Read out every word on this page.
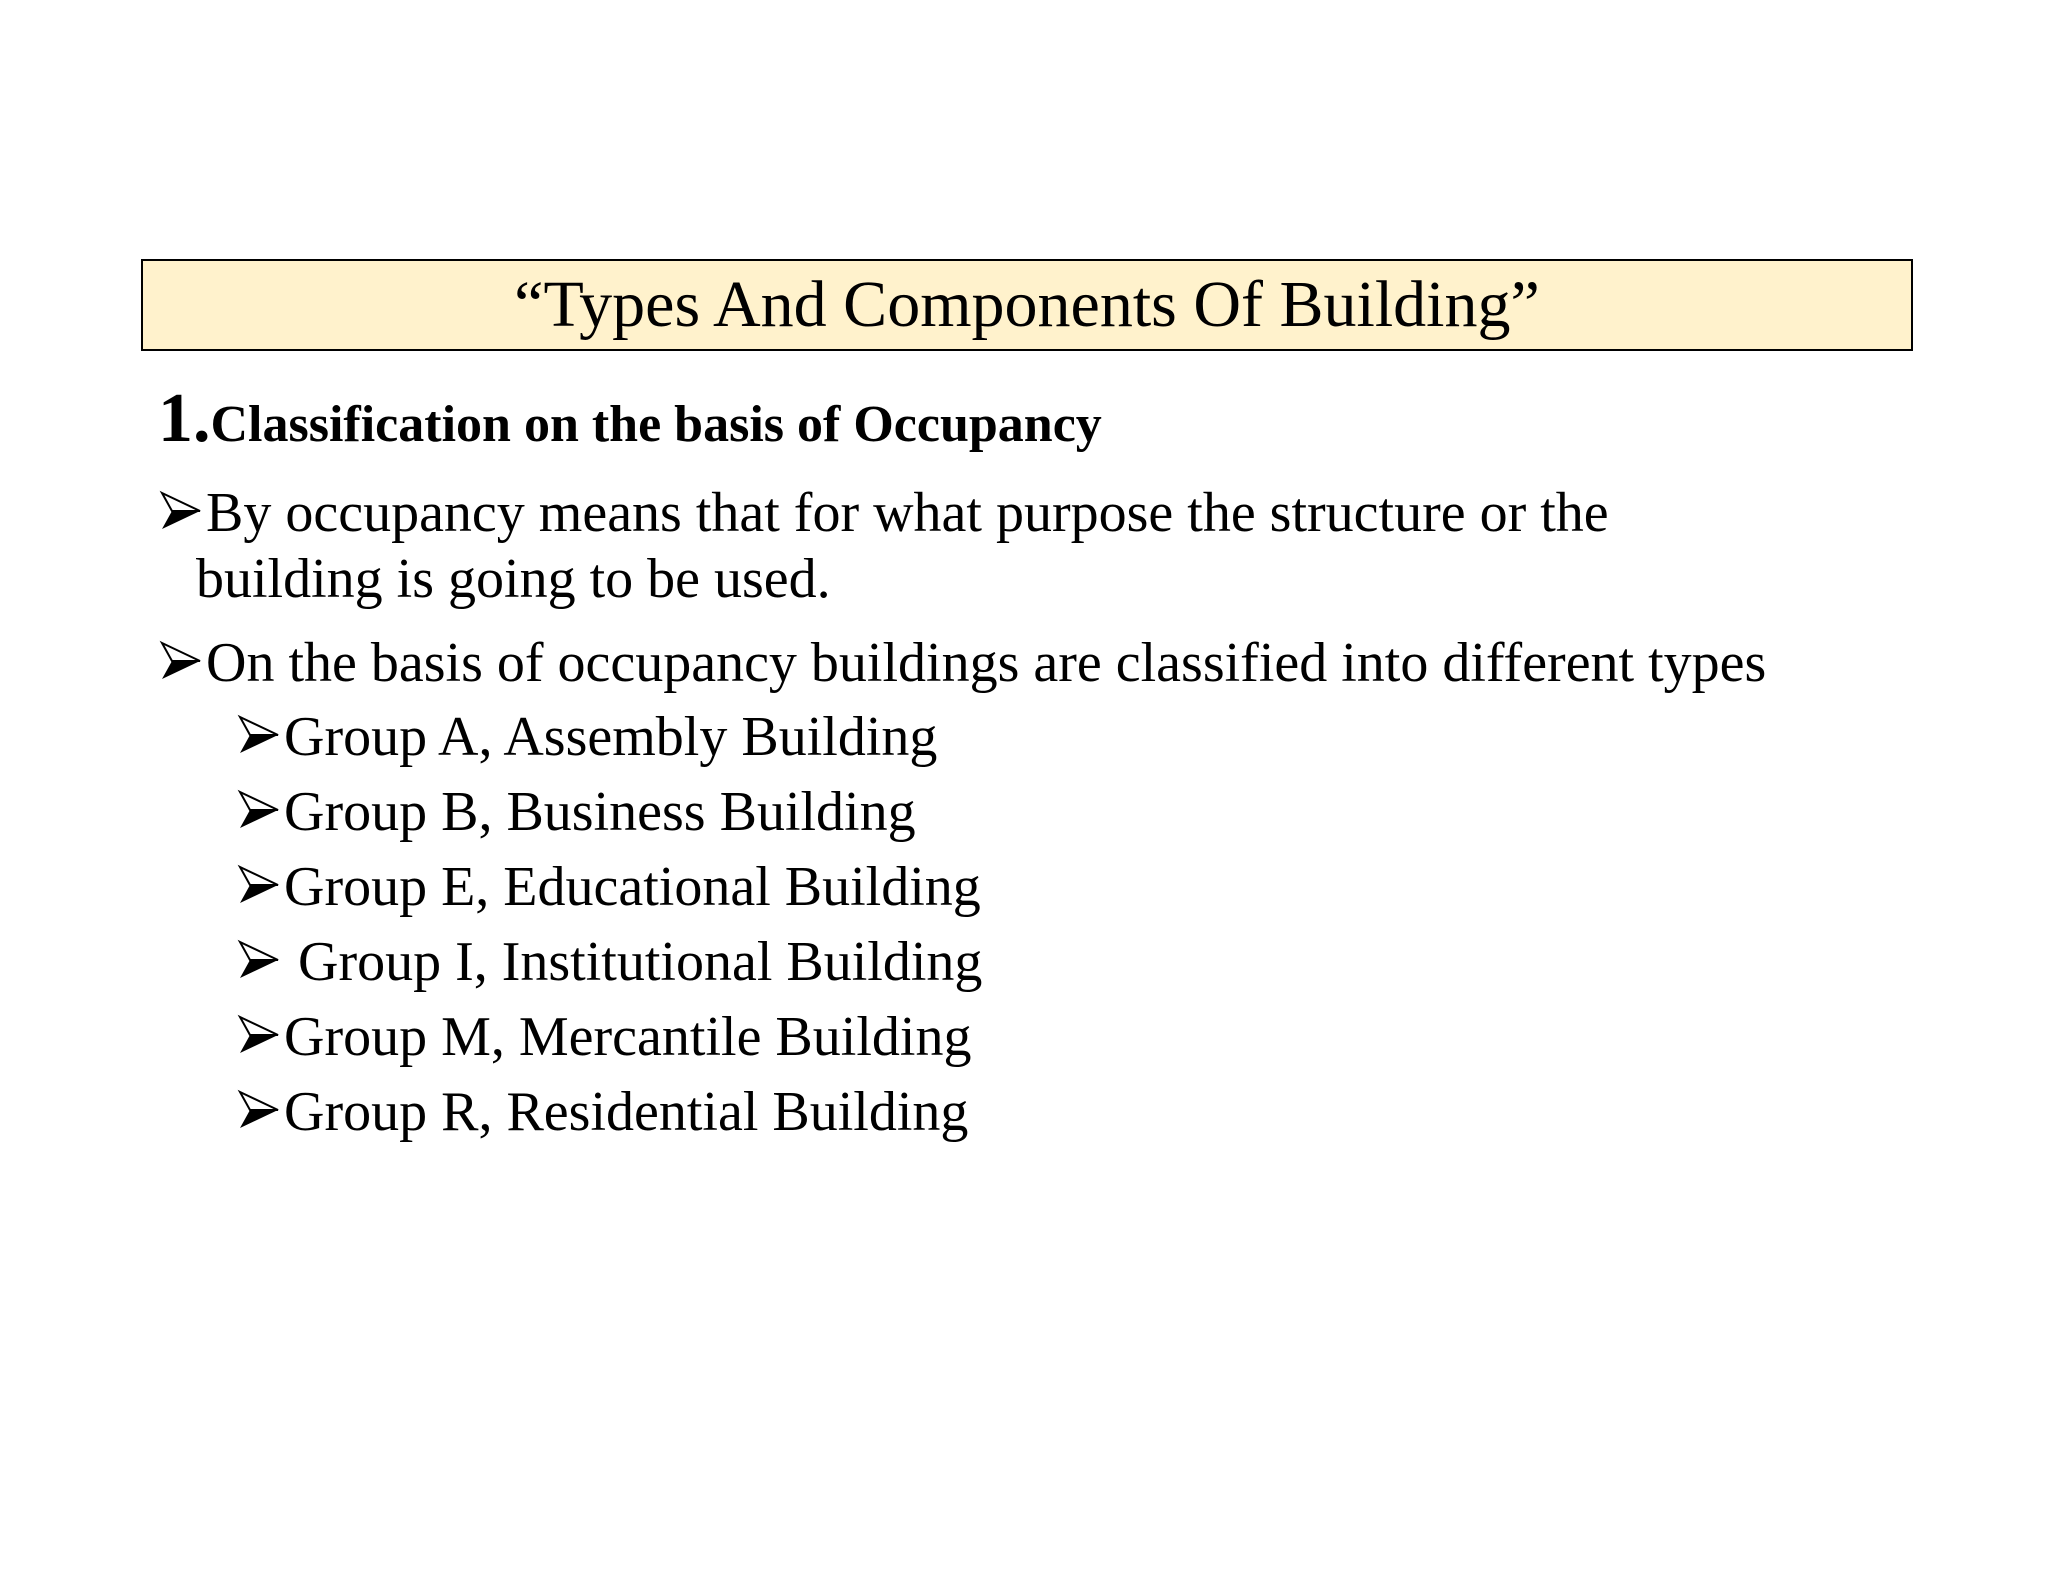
“Types And Components Of Building”
1.Classification on the basis of Occupancy
By occupancy means that for what purpose the structure or the
building is going to be used.
On the basis of occupancy buildings are classified into different types
Group A, Assembly Building
Group B, Business Building
Group E, Educational Building
Group I, Institutional Building
Group M, Mercantile Building
Group R, Residential Building
